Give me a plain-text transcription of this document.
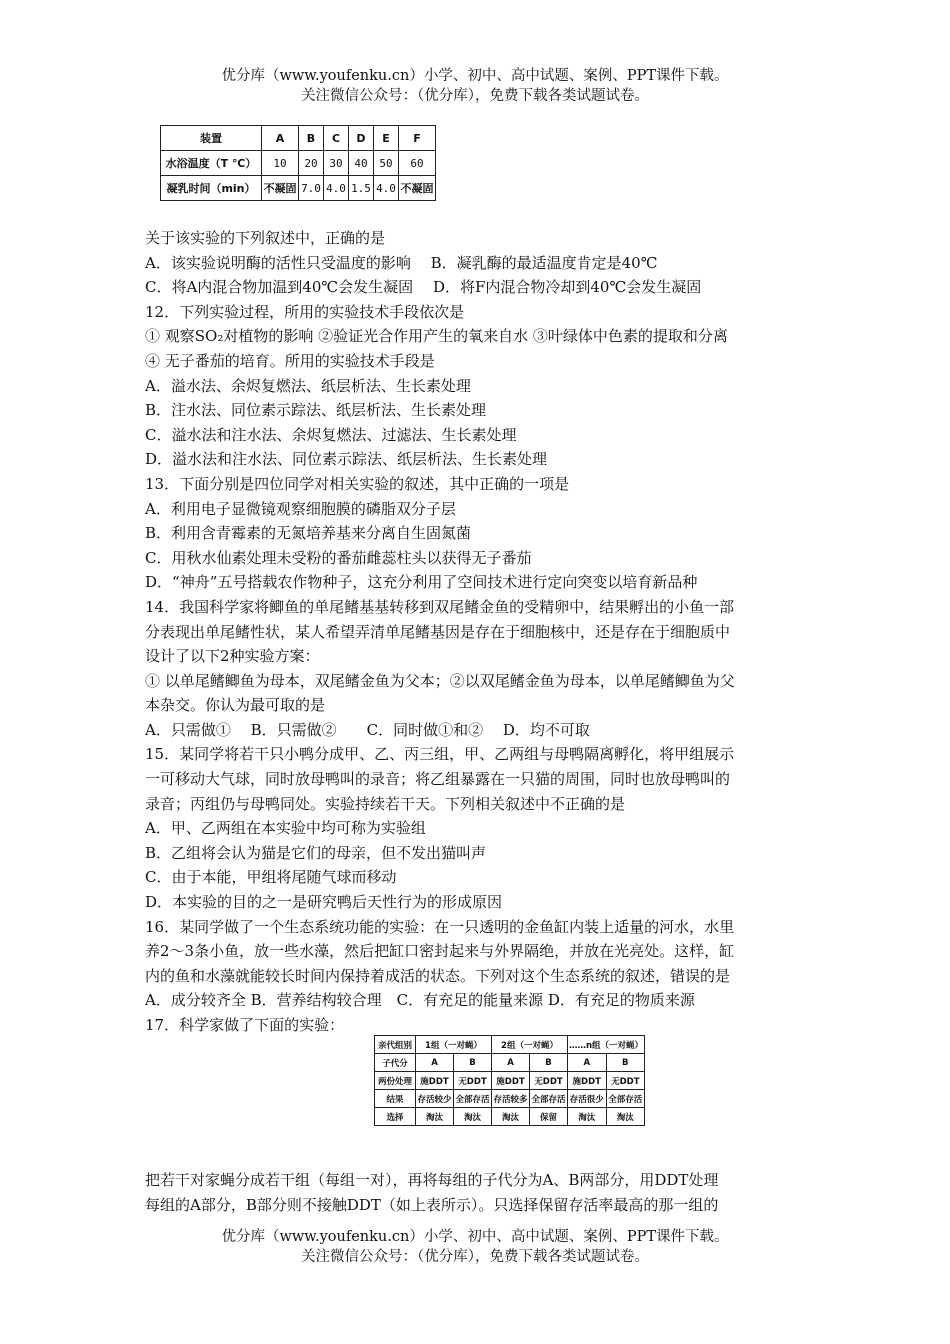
优分库（www.youfenku.cn）小学、初中、高中试题、案例、PPT课件下载。
关注微信公众号：（优分库），免费下载各类试题试卷。
装置	A	B	C	D	E	F
水浴温度（T ℃）	10	20	30	40	50	60
凝乳时间（min）	不凝固	7.0	4.0	1.5	4.0	不凝固
关于该实验的下列叙述中，正确的是
A．该实验说明酶的活性只受温度的影响　 B．凝乳酶的最适温度肯定是40℃
C．将A内混合物加温到40℃会发生凝固　 D．将F内混合物冷却到40℃会发生凝固
12．下列实验过程，所用的实验技术手段依次是
① 观察SO₂对植物的影响 ②验证光合作用产生的氧来自水 ③叶绿体中色素的提取和分离
④ 无子番茄的培育。所用的实验技术手段是
A．溢水法、余烬复燃法、纸层析法、生长素处理
B．注水法、同位素示踪法、纸层析法、生长素处理
C．溢水法和注水法、余烬复燃法、过滤法、生长素处理
D．溢水法和注水法、同位素示踪法、纸层析法、生长素处理
13．下面分别是四位同学对相关实验的叙述，其中正确的一项是
A．利用电子显微镜观察细胞膜的磷脂双分子层
B．利用含青霉素的无氮培养基来分离自生固氮菌
C．用秋水仙素处理未受粉的番茄雌蕊柱头以获得无子番茄
D．“神舟”五号搭载农作物种子，这充分利用了空间技术进行定向突变以培育新品种
14．我国科学家将鲫鱼的单尾鳍基基转移到双尾鳍金鱼的受精卵中，结果孵出的小鱼一部
分表现出单尾鳍性状，某人希望弄清单尾鳍基因是存在于细胞核中，还是存在于细胞质中
设计了以下2种实验方案：
① 以单尾鳍鲫鱼为母本，双尾鳍金鱼为父本；②以双尾鳍金鱼为母本，以单尾鳍鲫鱼为父
本杂交。你认为最可取的是
A．只需做①　 B．只需做②　　C．同时做①和②　 D．均不可取
15．某同学将若干只小鸭分成甲、乙、丙三组，甲、乙两组与母鸭隔离孵化，将甲组展示
一可移动大气球，同时放母鸭叫的录音；将乙组暴露在一只猫的周围，同时也放母鸭叫的
录音；丙组仍与母鸭同处。实验持续若干天。下列相关叙述中不正确的是
A．甲、乙两组在本实验中均可称为实验组
B．乙组将会认为猫是它们的母亲，但不发出猫叫声
C．由于本能，甲组将尾随气球而移动
D．本实验的目的之一是研究鸭后天性行为的形成原因
16．某同学做了一个生态系统功能的实验：在一只透明的金鱼缸内装上适量的河水，水里
养2～3条小鱼，放一些水藻，然后把缸口密封起来与外界隔绝，并放在光亮处。这样，缸
内的鱼和水藻就能较长时间内保持着成活的状态。下列对这个生态系统的叙述，错误的是
A．成分较齐全 B．营养结构较合理　C．有充足的能量来源 D．有充足的物质来源
17．科学家做了下面的实验：
亲代组别	1组（一对蝇）		2组（一对蝇）		……n组（一对蝇）	
子代分	A	B	A	B	A	B
两份处理	施DDT	无DDT	施DDT	无DDT	施DDT	无DDT
结果	存活较少	全部存活	存活较多	全部存活	存活很少	全部存活
选择	淘汰	淘汰	淘汰	保留	淘汰	淘汰
把若干对家蝇分成若干组（每组一对），再将每组的子代分为A、B两部分，用DDT处理
每组的A部分，B部分则不接触DDT（如上表所示）。只选择保留存活率最高的那一组的
优分库（www.youfenku.cn）小学、初中、高中试题、案例、PPT课件下载。
关注微信公众号：（优分库），免费下载各类试题试卷。
